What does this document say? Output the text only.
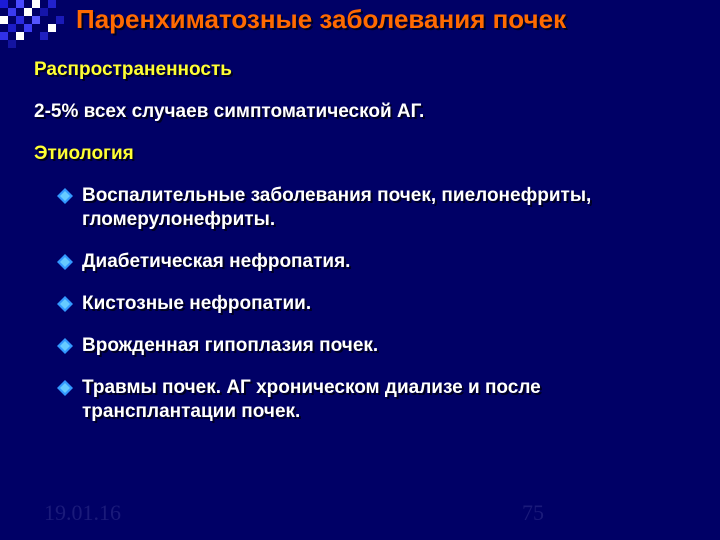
Паренхиматозные заболевания почек
Распространенность
2-5% всех случаев симптоматической АГ.
Этиология
Воспалительные заболевания почек, пиелонефриты, гломерулонефриты.
Диабетическая нефропатия.
Кистозные нефропатии.
Врожденная гипоплазия почек.
Травмы почек. АГ хроническом диализе и после трансплантации почек.
19.01.16	75
